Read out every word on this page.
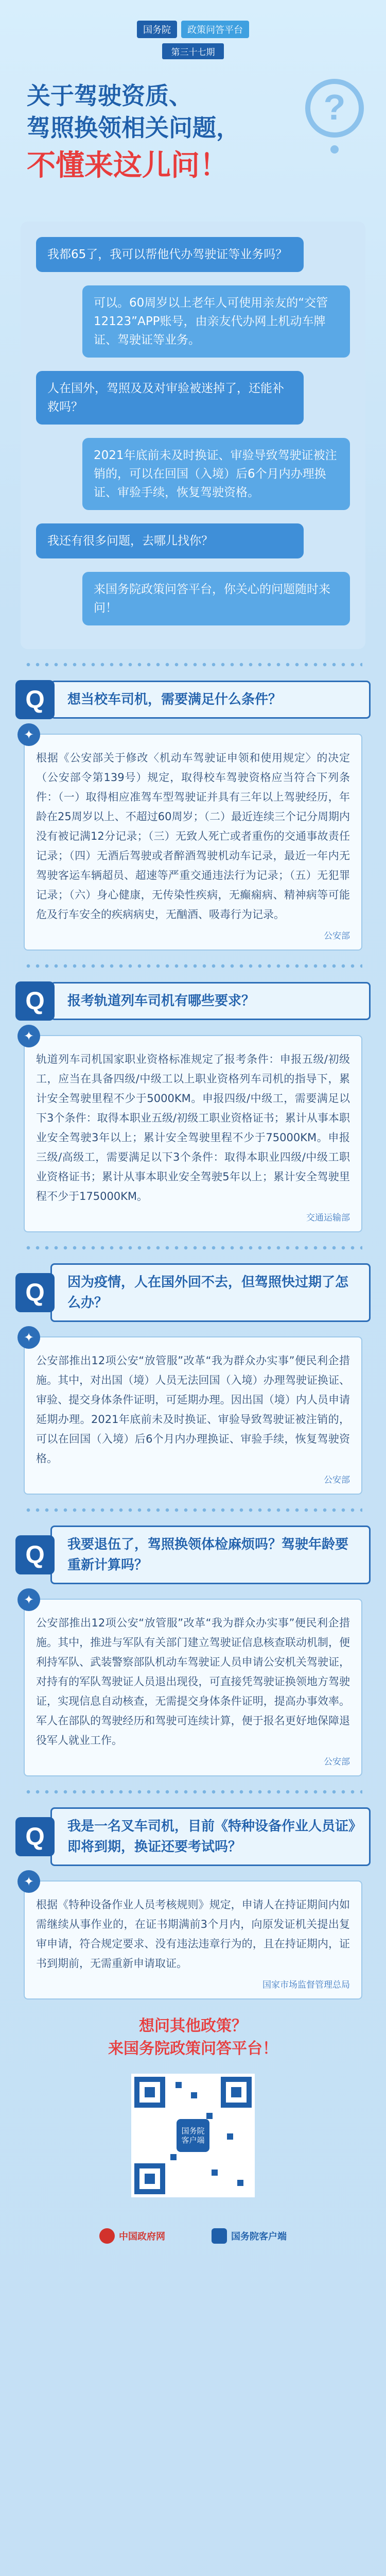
国务院	政策问答平台
第三十七期
关于驾驶资质、
驾照换领相关问题，
不懂来这儿问！
?
我都65了，我可以帮他代办驾驶证等业务吗？
可以。60周岁以上老年人可使用亲友的“交管12123”APP账号，由亲友代办网上机动车牌证、驾驶证等业务。
人在国外，驾照及及对审验被迷掉了，还能补救吗？
2021年底前未及时换证、审验导致驾驶证被注销的，可以在回国（入境）后6个月内办理换证、审验手续，恢复驾驶资格。
我还有很多问题，去哪儿找你？
来国务院政策问答平台，你关心的问题随时来问！
Q	想当校车司机，需要满足什么条件？
✦
根据《公安部关于修改〈机动车驾驶证申领和使用规定〉的决定（公安部令第139号）规定，取得校车驾驶资格应当符合下列条件：（一）取得相应准驾车型驾驶证并具有三年以上驾驶经历，年龄在25周岁以上、不超过60周岁；（二）最近连续三个记分周期内没有被记满12分记录；（三）无致人死亡或者重伤的交通事故责任记录；（四）无酒后驾驶或者醉酒驾驶机动车记录，最近一年内无驾驶客运车辆超员、超速等严重交通违法行为记录；（五）无犯罪记录；（六）身心健康，无传染性疾病，无癫痫病、精神病等可能危及行车安全的疾病病史，无酗酒、吸毒行为记录。
公安部
Q	报考轨道列车司机有哪些要求？
✦
轨道列车司机国家职业资格标准规定了报考条件：申报五级/初级工，应当在具备四级/中级工以上职业资格列车司机的指导下，累计安全驾驶里程不少于5000KM。申报四级/中级工，需要满足以下3个条件：取得本职业五级/初级工职业资格证书；累计从事本职业安全驾驶3年以上；累计安全驾驶里程不少于75000KM。申报三级/高级工，需要满足以下3个条件：取得本职业四级/中级工职业资格证书；累计从事本职业安全驾驶5年以上；累计安全驾驶里程不少于175000KM。
交通运输部
Q	因为疫情，人在国外回不去，但驾照快过期了怎么办？
✦
公安部推出12项公安“放管服”改革“我为群众办实事”便民利企措施。其中，对出国（境）人员无法回国（入境）办理驾驶证换证、审验、提交身体条件证明，可延期办理。因出国（境）内人员申请延期办理。2021年底前未及时换证、审验导致驾驶证被注销的，可以在回国（入境）后6个月内办理换证、审验手续，恢复驾驶资格。
公安部
Q	我要退伍了，驾照换领体检麻烦吗？驾驶年龄要重新计算吗？
✦
公安部推出12项公安“放管服”改革“我为群众办实事”便民利企措施。其中，推进与军队有关部门建立驾驶证信息核查联动机制，便利持军队、武装警察部队机动车驾驶证人员申请公安机关驾驶证，对持有的军队驾驶证人员退出现役，可直接凭驾驶证换领地方驾驶证，实现信息自动核查，无需提交身体条件证明，提高办事效率。军人在部队的驾驶经历和驾驶可连续计算，便于报名更好地保障退役军人就业工作。
公安部
Q	我是一名叉车司机，目前《特种设备作业人员证》即将到期，换证还要考试吗？
✦
根据《特种设备作业人员考核规则》规定，申请人在持证期间内如需继续从事作业的，在证书期满前3个月内，向原发证机关提出复审申请，符合规定要求、没有违法违章行为的，且在持证期内，证书到期前，无需重新申请取证。
国家市场监督管理总局
想问其他政策？
来国务院政策问答平台！
国务院客户端
中国政府网	国务院客户端
